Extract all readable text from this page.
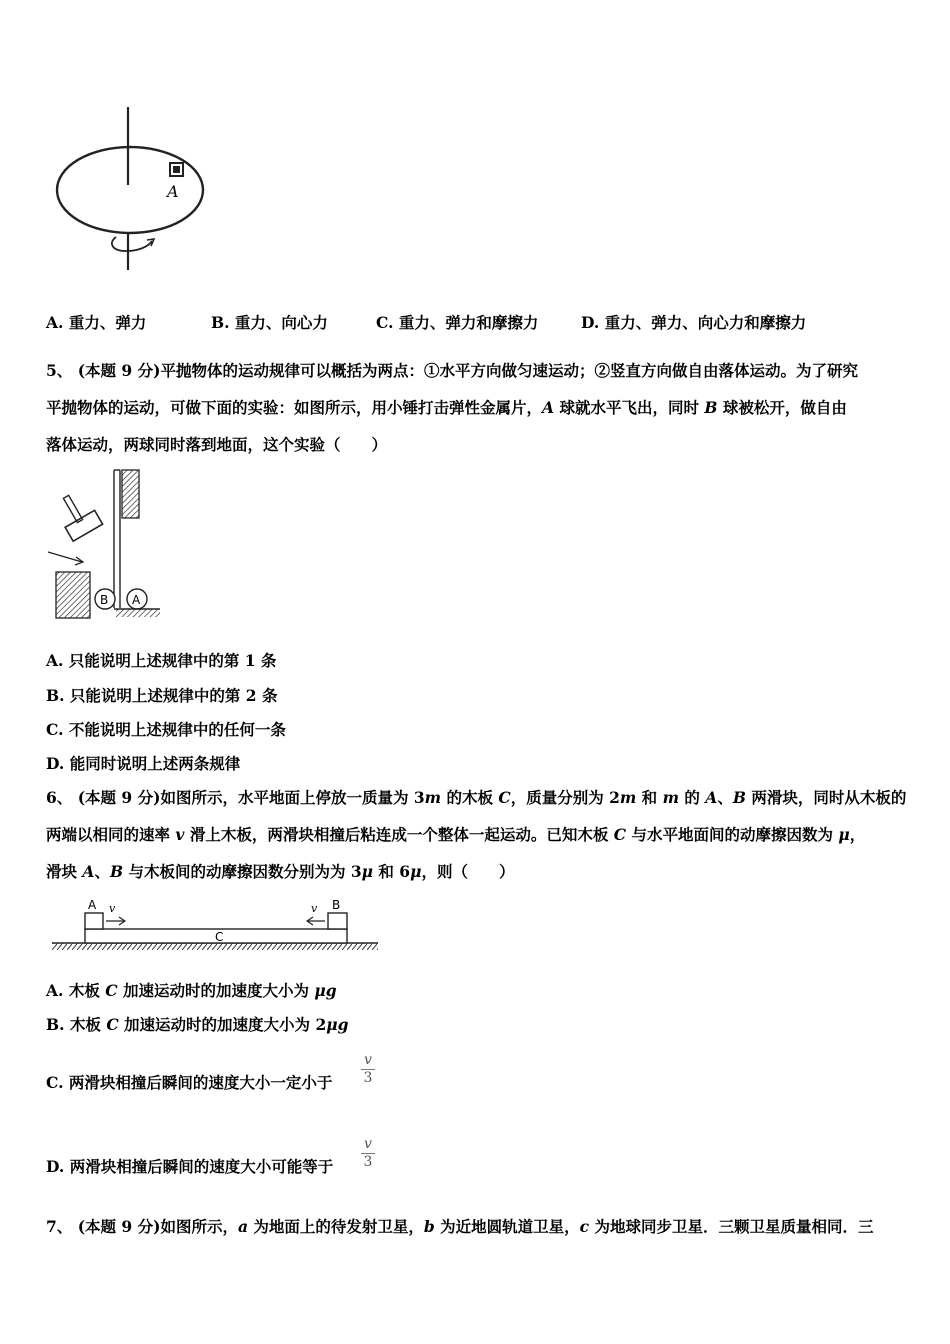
A
A. 重力、弹力	B. 重力、向心力	C. 重力、弹力和摩擦力	D. 重力、弹力、向心力和摩擦力
5、 (本题 9 分)平抛物体的运动规律可以概括为两点：①水平方向做匀速运动；②竖直方向做自由落体运动。为了研究
平抛物体的运动，可做下面的实验：如图所示，用小锤打击弹性金属片，A 球就水平飞出，同时 B 球被松开，做自由
落体运动，两球同时落到地面，这个实验（　　）
B A
A. 只能说明上述规律中的第 1 条
B. 只能说明上述规律中的第 2 条
C. 不能说明上述规律中的任何一条
D. 能同时说明上述两条规律
6、 (本题 9 分)如图所示，水平地面上停放一质量为 3m 的木板 C，质量分别为 2m 和 m 的 A、B 两滑块，同时从木板的
两端以相同的速率 v 滑上木板，两滑块相撞后粘连成一个整体一起运动。已知木板 C 与水平地面间的动摩擦因数为 μ，
滑块 A、B 与木板间的动摩擦因数分别为为 3μ 和 6μ，则（　　）
C
A v	B
v
A. 木板 C 加速运动时的加速度大小为 μg
B. 木板 C 加速运动时的加速度大小为 2μg
C. 两滑块相撞后瞬间的速度大小一定小于
v
3
D. 两滑块相撞后瞬间的速度大小可能等于
v
3
7、 (本题 9 分)如图所示，a 为地面上的待发射卫星，b 为近地圆轨道卫星，c 为地球同步卫星．三颗卫星质量相同．三
